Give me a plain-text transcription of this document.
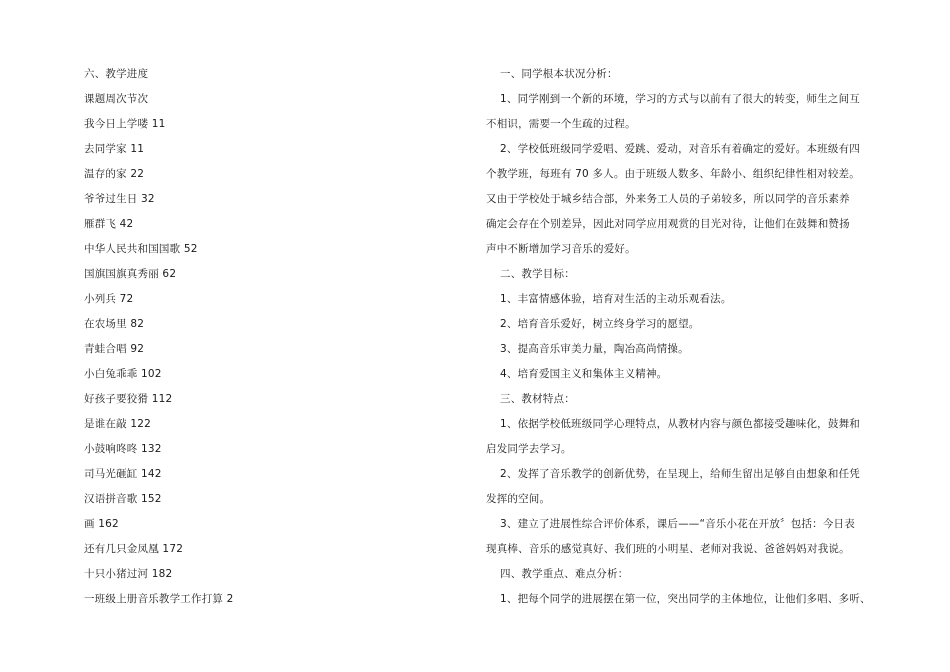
六、教学进度
课题周次节次
我今日上学喽 11
去同学家 11
温存的家 22
爷爷过生日 32
雁群飞 42
中华人民共和国国歌 52
国旗国旗真秀丽 62
小列兵 72
在农场里 82
青蛙合唱 92
小白兔乖乖 102
好孩子要狡猾 112
是谁在敲 122
小鼓响咚咚 132
司马光砸缸 142
汉语拼音歌 152
画 162
还有几只金凤凰 172
十只小猪过河 182
一班级上册音乐教学工作打算 2
一、同学根本状况分析：
1、同学刚到一个新的环境，学习的方式与以前有了很大的转变，师生之间互
不相识，需要一个生疏的过程。
2、学校低班级同学爱唱、爱跳、爱动，对音乐有着确定的爱好。本班级有四
个教学班，每班有 70 多人。由于班级人数多、年龄小、组织纪律性相对较差。
又由于学校处于城乡结合部，外来务工人员的子弟较多，所以同学的音乐素养
确定会存在个别差异，因此对同学应用观赏的目光对待，让他们在鼓舞和赞扬
声中不断增加学习音乐的爱好。
二、教学目标：
1、丰富情感体验，培育对生活的主动乐观看法。
2、培育音乐爱好，树立终身学习的愿望。
3、提高音乐审美力量，陶冶高尚情操。
4、培育爱国主义和集体主义精神。
三、教材特点：
1、依据学校低班级同学心理特点，从教材内容与颜色都接受趣味化，鼓舞和
启发同学去学习。
2、发挥了音乐教学的创新优势，在呈现上，给师生留出足够自由想象和任凭
发挥的空间。
3、建立了进展性综合评价体系，课后——“音乐小花在开放〞包括：今日表
现真棒、音乐的感觉真好、我们班的小明星、老师对我说、爸爸妈妈对我说。
四、教学重点、难点分析：
1、把每个同学的进展摆在第一位，突出同学的主体地位，让他们多唱、多听、
